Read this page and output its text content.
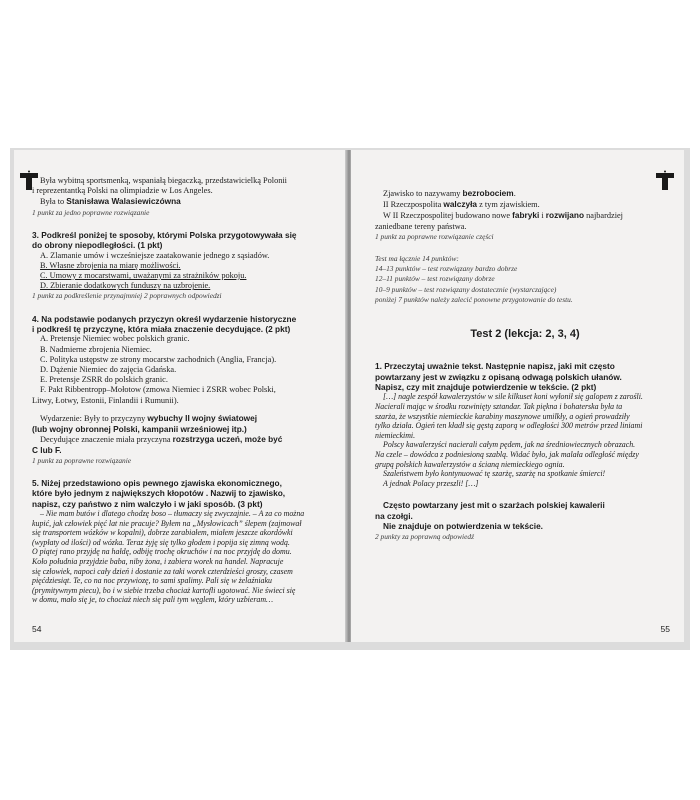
Była wybitną sportsmenką, wspaniałą biegaczką, przedstawicielką Polonii

i reprezentantką Polski na olimpiadzie w Los Angeles.

Była to Stanisława Walasiewiczówna

1 punkt za jedno poprawne rozwiązanie

3. Podkreśl poniżej te sposoby, którymi Polska przygotowywała się

do obrony niepodległości. (1 pkt)

A. Zlamanie umów i wcześniejsze zaatakowanie jednego z sąsiadów.

B. Własne zbrojenia na miarę możliwości.

C. Umowy z mocarstwami, uważanymi za strażników pokoju.

D. Zbieranie dodatkowych funduszy na uzbrojenie.

1 punkt za podkreślenie przynajmniej 2 poprawnych odpowiedzi

4. Na podstawie podanych przyczyn określ wydarzenie historyczne

i podkreśl tę przyczynę, która miała znaczenie decydujące. (2 pkt)

A. Pretensje Niemiec wobec polskich granic.

B. Nadmierne zbrojenia Niemiec.

C. Polityka ustępstw ze strony mocarstw zachodnich (Anglia, Francja).

D. Dążenie Niemiec do zajęcia Gdańska.

E. Pretensje ZSRR do polskich granic.

F. Pakt Ribbentropp–Mołotow (zmowa Niemiec i ZSRR wobec Polski,

Litwy, Łotwy, Estonii, Finlandii i Rumunii).

Wydarzenie: Były to przyczyny wybuchy II wojny światowej

(lub wojny obronnej Polski, kampanii wrześniowej itp.)

Decydujące znaczenie miała przyczyna rozstrzyga uczeń, może być

C lub F.

1 punkt za poprawne rozwiązanie

5. Niżej przedstawiono opis pewnego zjawiska ekonomicznego,

które było jednym z największych kłopotów . Nazwij to zjawisko,

napisz, czy państwo z nim walczyło i w jaki sposób. (3 pkt)

– Nie mam butów i dlatego chodzę boso – tłumaczy się zwyczajnie. – A za co można

kupić, jak człowiek pięć lat nie pracuje? Byłem na „Mysłowicach” ślepem (zajmował

się transportem wózków w kopalni), dobrze zarabiałem, miałem jeszcze akordówki

(wypłaty od ilości) od wózka. Teraz żyję się tylko głodem i popija się zimną wodą.

O piątej rano przyjdę na hałdę, odbiję trochę okruchów i na noc przyjdę do domu.

Koło południa przyjdzie baba, niby żona, i zabiera worek na handel. Napracuje

się człowiek, napoci cały dzień i dostanie za taki worek czterdzieści groszy, czasem

pięćdziesiąt. Te, co na noc przywiozę, to sami spalimy. Pali się w żelaźniaku

(prymitywnym piecu), bo i w siebie trzeba chociaż kartofli ugotować. Nie świeci się

w domu, mało się je, to chociaż niech się pali tym węglem, który uzbieram…

54

Zjawisko to nazywamy bezrobociem.

II Rzeczpospolita walczyła z tym zjawiskiem.

W II Rzeczpospolitej budowano nowe fabryki i rozwijano najbardziej

zaniedbane tereny państwa.

1 punkt za poprawne rozwiązanie części

Test ma łącznie 14 punktów:

14–13 punktów – test rozwiązany bardzo dobrze

12–11 punktów – test rozwiązany dobrze

10–9 punktów – test rozwiązany dostatecznie (wystarczające)

poniżej 7 punktów należy zalecić ponowne przygotowanie do testu.

Test 2 (lekcja: 2, 3, 4)

1. Przeczytaj uważnie tekst. Następnie napisz, jaki mit często

powtarzany jest w związku z opisaną odwagą polskich ułanów.

Napisz, czy mit znajduje potwierdzenie w tekście. (2 pkt)

[…] nagle zespół kawalerzystów w sile kilkuset koni wyłonił się galopem z zarośli.

Nacierali mając w środku rozwinięty sztandar. Tak piękna i bohaterska była ta

szarża, że wszystkie niemieckie karabiny maszynowe umilkły, a ogień prowadziły

tylko działa. Ogień ten kładł się gęstą zaporą w odległości 300 metrów przed liniami

niemieckimi.

Polscy kawalerzyści nacierali całym pędem, jak na średniowiecznych obrazach.

Na czele – dowódca z podniesioną szablą. Widać było, jak malała odległość między

grupą polskich kawalerzystów a ścianą niemieckiego ognia.

Szaleństwem było kontynuować tę szarżę, szarżę na spotkanie śmierci!

A jednak Polacy przeszli! […]

Często powtarzany jest mit o szarżach polskiej kawalerii

na czołgi.

Nie znajduje on potwierdzenia w tekście.

2 punkty za poprawną odpowiedź

55
